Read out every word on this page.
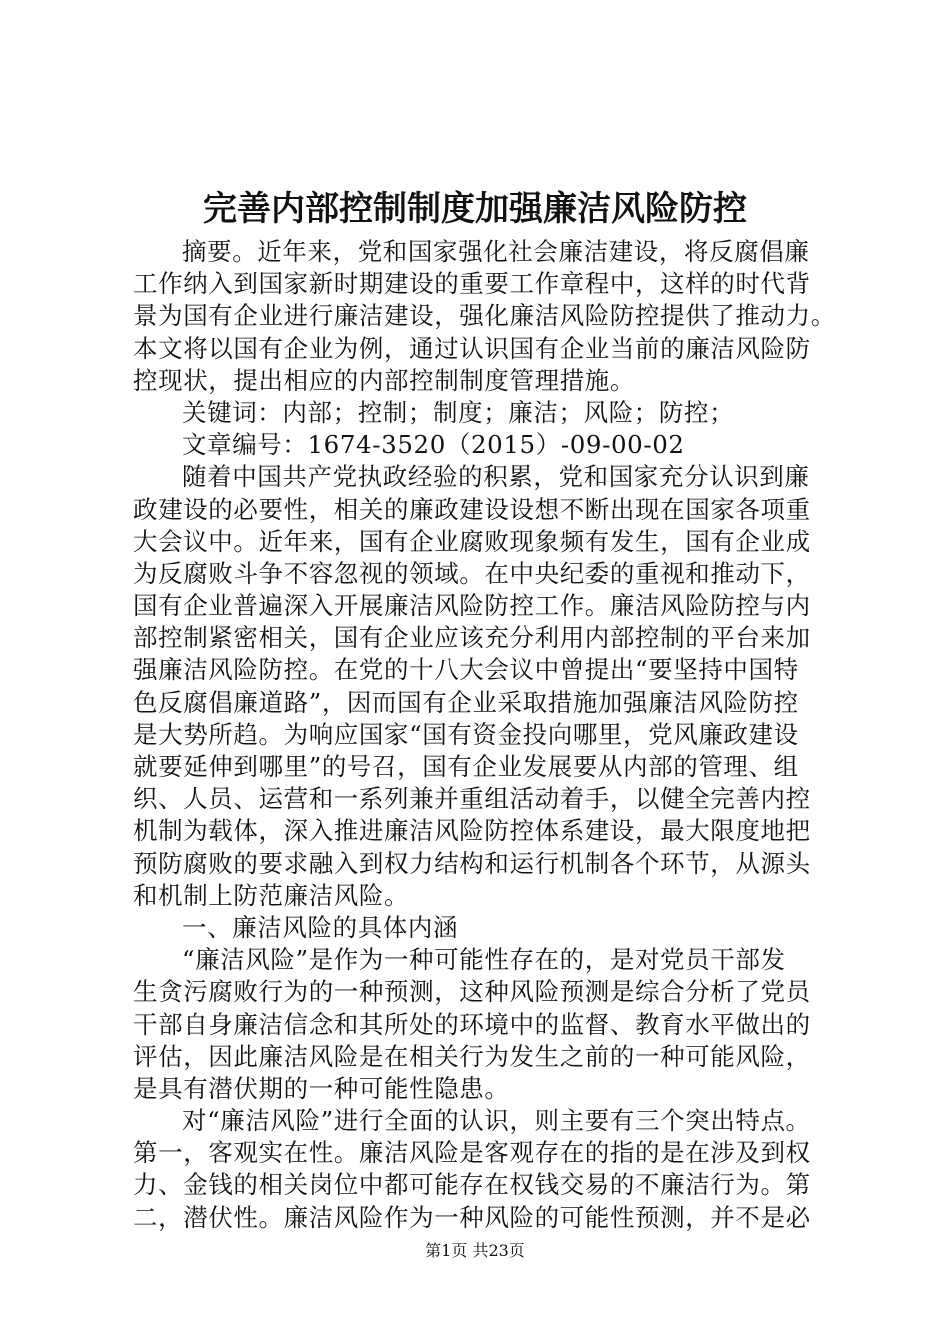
完善内部控制制度加强廉洁风险防控
摘要。近年来，党和国家强化社会廉洁建设，将反腐倡廉
工作纳入到国家新时期建设的重要工作章程中，这样的时代背
景为国有企业进行廉洁建设，强化廉洁风险防控提供了推动力。
本文将以国有企业为例，通过认识国有企业当前的廉洁风险防
控现状，提出相应的内部控制制度管理措施。
关键词：内部；控制；制度；廉洁；风险；防控；
文章编号：1674-3520（2015）-09-00-02
随着中国共产党执政经验的积累，党和国家充分认识到廉
政建设的必要性，相关的廉政建设设想不断出现在国家各项重
大会议中。近年来，国有企业腐败现象频有发生，国有企业成
为反腐败斗争不容忽视的领域。在中央纪委的重视和推动下，
国有企业普遍深入开展廉洁风险防控工作。廉洁风险防控与内
部控制紧密相关，国有企业应该充分利用内部控制的平台来加
强廉洁风险防控。在党的十八大会议中曾提出“要坚持中国特
色反腐倡廉道路”，因而国有企业采取措施加强廉洁风险防控
是大势所趋。为响应国家“国有资金投向哪里，党风廉政建设
就要延伸到哪里”的号召，国有企业发展要从内部的管理、组
织、人员、运营和一系列兼并重组活动着手，以健全完善内控
机制为载体，深入推进廉洁风险防控体系建设，最大限度地把
预防腐败的要求融入到权力结构和运行机制各个环节，从源头
和机制上防范廉洁风险。
一、廉洁风险的具体内涵
“廉洁风险”是作为一种可能性存在的，是对党员干部发
生贪污腐败行为的一种预测，这种风险预测是综合分析了党员
干部自身廉洁信念和其所处的环境中的监督、教育水平做出的
评估，因此廉洁风险是在相关行为发生之前的一种可能风险，
是具有潜伏期的一种可能性隐患。
对“廉洁风险”进行全面的认识，则主要有三个突出特点。
第一，客观实在性。廉洁风险是客观存在的指的是在涉及到权
力、金钱的相关岗位中都可能存在权钱交易的不廉洁行为。第
二，潜伏性。廉洁风险作为一种风险的可能性预测，并不是必
第1页 共23页
